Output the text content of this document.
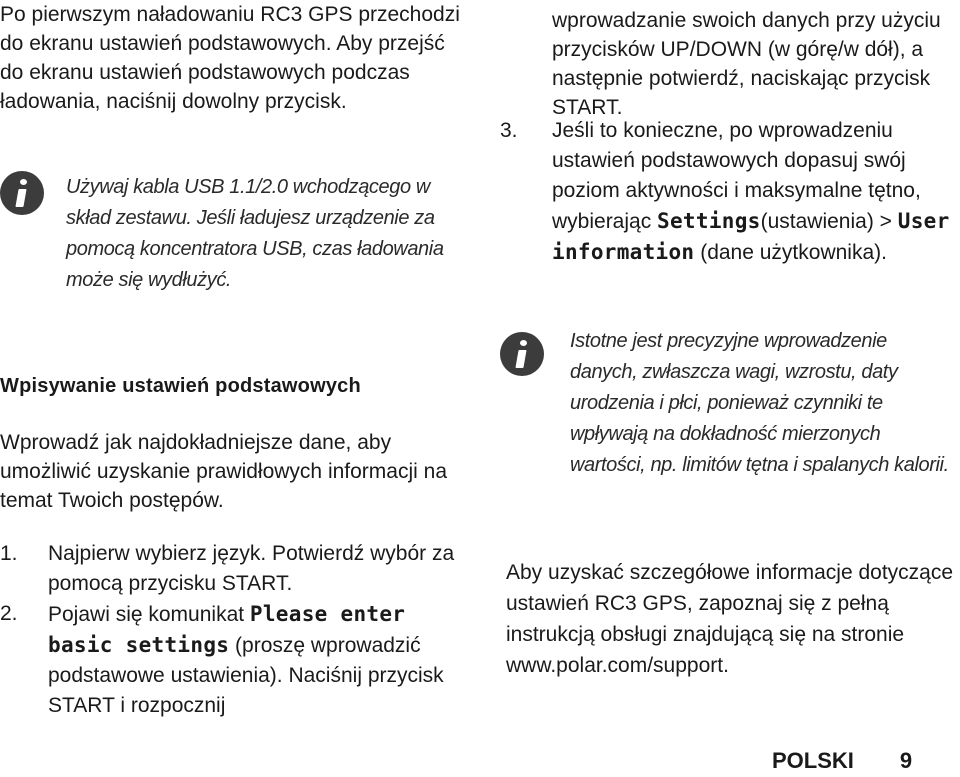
Po pierwszym naładowaniu RC3 GPS przechodzi do ekranu ustawień podstawowych. Aby przejść do ekranu ustawień podstawowych podczas ładowania, naciśnij dowolny przycisk.

Używaj kabla USB 1.1/2.0 wchodzącego w skład zestawu. Jeśli ładujesz urządzenie za pomocą koncentratora USB, czas ładowania może się wydłużyć.

Wpisywanie ustawień podstawowych

Wprowadź jak najdokładniejsze dane, aby umożliwić uzyskanie prawidłowych informacji na temat Twoich postępów.

1.	Najpierw wybierz język. Potwierdź wybór za pomocą przycisku START.
2.	Pojawi się komunikat Please enter basic settings (proszę wprowadzić podstawowe ustawienia). Naciśnij przycisk START i rozpocznij

wprowadzanie swoich danych przy użyciu przycisków UP/DOWN (w górę/w dół), a następnie potwierdź, naciskając przycisk START.

3.	Jeśli to konieczne, po wprowadzeniu ustawień podstawowych dopasuj swój poziom aktywności i maksymalne tętno, wybierając Settings(ustawienia) > User information (dane użytkownika).

Istotne jest precyzyjne wprowadzenie danych, zwłaszcza wagi, wzrostu, daty urodzenia i płci, ponieważ czynniki te wpływają na dokładność mierzonych wartości, np. limitów tętna i spalanych kalorii.

Aby uzyskać szczegółowe informacje dotyczące ustawień RC3 GPS, zapoznaj się z pełną instrukcją obsługi znajdującą się na stronie www.polar.com/support.

POLSKI 9
